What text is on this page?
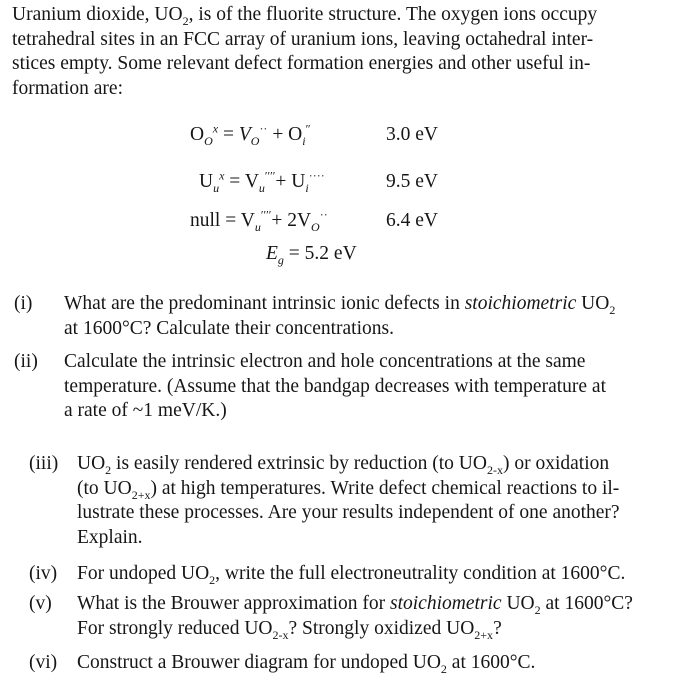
Uranium dioxide, $UO_2$, is of the fluorite structure. The oxygen ions occupy
tetrahedral sites in an FCC array of uranium ions, leaving octahedral inter-
stices empty. Some relevant defect formation energies and other useful in-
formation are:
$O_O^x = V_O^{\cdot\cdot} + O_i''$	3.0 eV
$U_u^x = V_u''''+ U_i^{\cdot\cdot\cdot\cdot}$	9.5 eV
null = $V_u''''+ 2V_O^{\cdot\cdot}$	6.4 eV
$E_g = 5.2$ eV
(i)	What are the predominant intrinsic ionic defects in stoichiometric $UO_2$
at 1600°C? Calculate their concentrations.
(ii)	Calculate the intrinsic electron and hole concentrations at the same
temperature. (Assume that the bandgap decreases with temperature at
a rate of ~1 meV/K.)
(iii) $UO_2$ is easily rendered extrinsic by reduction (to $UO_{2-x}$) or oxidation
(to $UO_{2+x}$) at high temperatures. Write defect chemical reactions to il-
lustrate these processes. Are your results independent of one another?
Explain.
(iv)	For undoped $UO_2$, write the full electroneutrality condition at 1600°C.
(v)	What is the Brouwer approximation for stoichiometric $UO_2$ at 1600°C?
For strongly reduced $UO_{2-x}$? Strongly oxidized $UO_{2+x}$?
(vi)	Construct a Brouwer diagram for undoped $UO_2$ at 1600°C.
